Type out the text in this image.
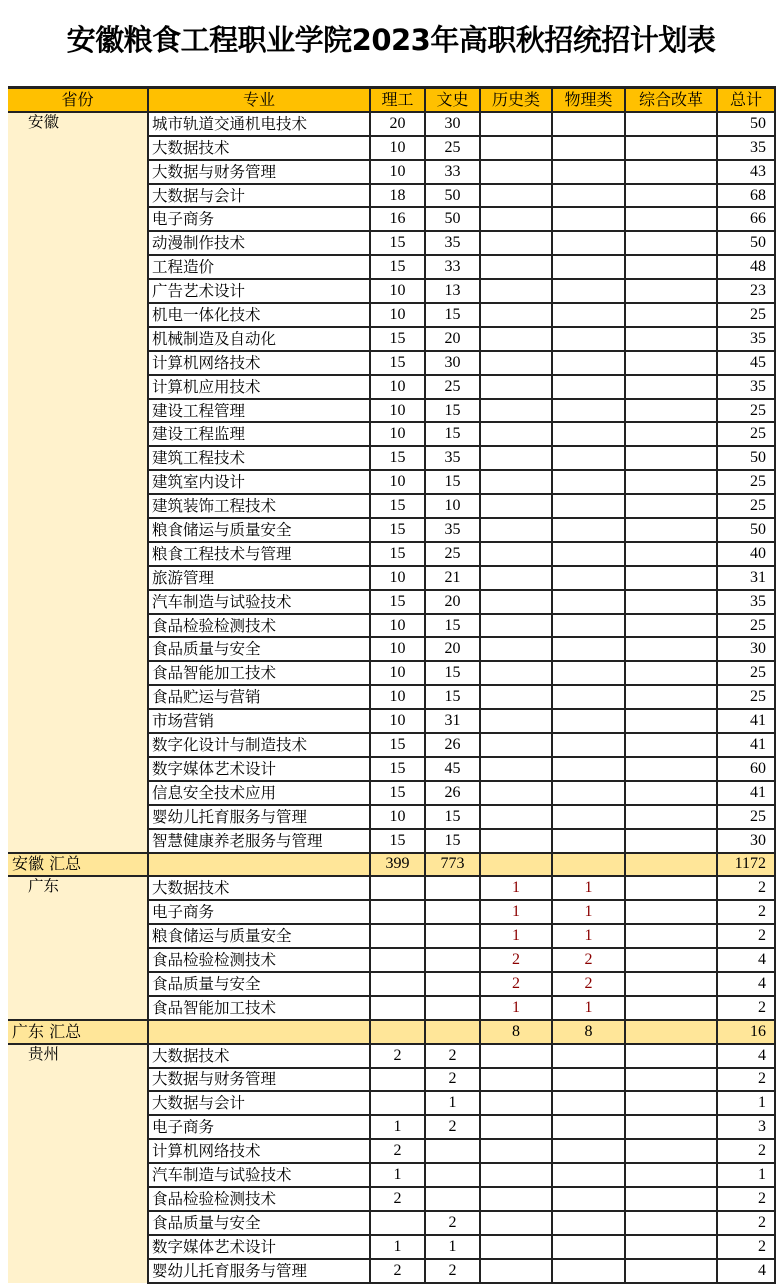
安徽粮食工程职业学院2023年高职秋招统招计划表
省份	专业	理工	文史	历史类	物理类	综合改革	总计
安徽	城市轨道交通机电技术	20	30				50
	大数据技术	10	25				35
	大数据与财务管理	10	33				43
	大数据与会计	18	50				68
	电子商务	16	50				66
	动漫制作技术	15	35				50
	工程造价	15	33				48
	广告艺术设计	10	13				23
	机电一体化技术	10	15				25
	机械制造及自动化	15	20				35
	计算机网络技术	15	30				45
	计算机应用技术	10	25				35
	建设工程管理	10	15				25
	建设工程监理	10	15				25
	建筑工程技术	15	35				50
	建筑室内设计	10	15				25
	建筑装饰工程技术	15	10				25
	粮食储运与质量安全	15	35				50
	粮食工程技术与管理	15	25				40
	旅游管理	10	21				31
	汽车制造与试验技术	15	20				35
	食品检验检测技术	10	15				25
	食品质量与安全	10	20				30
	食品智能加工技术	10	15				25
	食品贮运与营销	10	15				25
	市场营销	10	31				41
	数字化设计与制造技术	15	26				41
	数字媒体艺术设计	15	45				60
	信息安全技术应用	15	26				41
	婴幼儿托育服务与管理	10	15				25
	智慧健康养老服务与管理	15	15				30
安徽 汇总		399	773				1172
广东	大数据技术			1	1		2
	电子商务			1	1		2
	粮食储运与质量安全			1	1		2
	食品检验检测技术			2	2		4
	食品质量与安全			2	2		4
	食品智能加工技术			1	1		2
广东 汇总				8	8		16
贵州	大数据技术	2	2				4
	大数据与财务管理		2				2
	大数据与会计		1				1
	电子商务	1	2				3
	计算机网络技术	2					2
	汽车制造与试验技术	1					1
	食品检验检测技术	2					2
	食品质量与安全		2				2
	数字媒体艺术设计	1	1				2
	婴幼儿托育服务与管理	2	2				4
